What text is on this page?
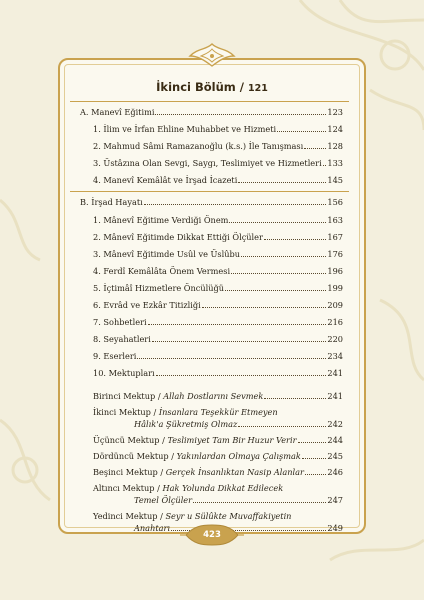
İkinci Bölüm / 121
A. Manevî Eğitimi	123
1. İlim ve İrfan Ehline Muhabbet ve Hizmeti	124
2. Mahmud Sâmi Ramazanoğlu (k.s.) İle Tanışması	128
3. Üstâzına Olan Sevgi, Saygı, Teslimiyet ve Hizmetleri 133
4. Manevî Kemâlât ve İrşad İcazeti	145
B. İrşad Hayatı	156
1. Mânevî Eğitime Verdiği Önem	163
2. Mânevî Eğitimde Dikkat Ettiği Ölçüler	167
3. Mânevî Eğitimde Usûl ve Üslûbu	176
4. Ferdî Kemâlâta Önem Vermesi	196
5. İçtimâî Hizmetlere Öncülüğü	199
6. Evrâd ve Ezkâr Titizliği	209
7. Sohbetleri	216
8. Seyahatleri	220
9. Eserleri	234
10. Mektupları	241
Birinci Mektup / Allah Dostlarını Sevmek	241
İkinci Mektup / İnsanlara Teşekkür Etmeyen
Hâlık'a Şükretmiş Olmaz	242
Üçüncü Mektup / Teslimiyet Tam Bir Huzur Verir	244
Dördüncü Mektup / Yakınlardan Olmaya Çalışmak	245
Beşinci Mektup / Gerçek İnsanlıktan Nasip Alanlar	246
Altıncı Mektup / Hak Yolunda Dikkat Edilecek
Temel Ölçüler	247
Yedinci Mektup / Seyr u Sülûkte Muvaffakiyetin
Anahtarı	249
423
